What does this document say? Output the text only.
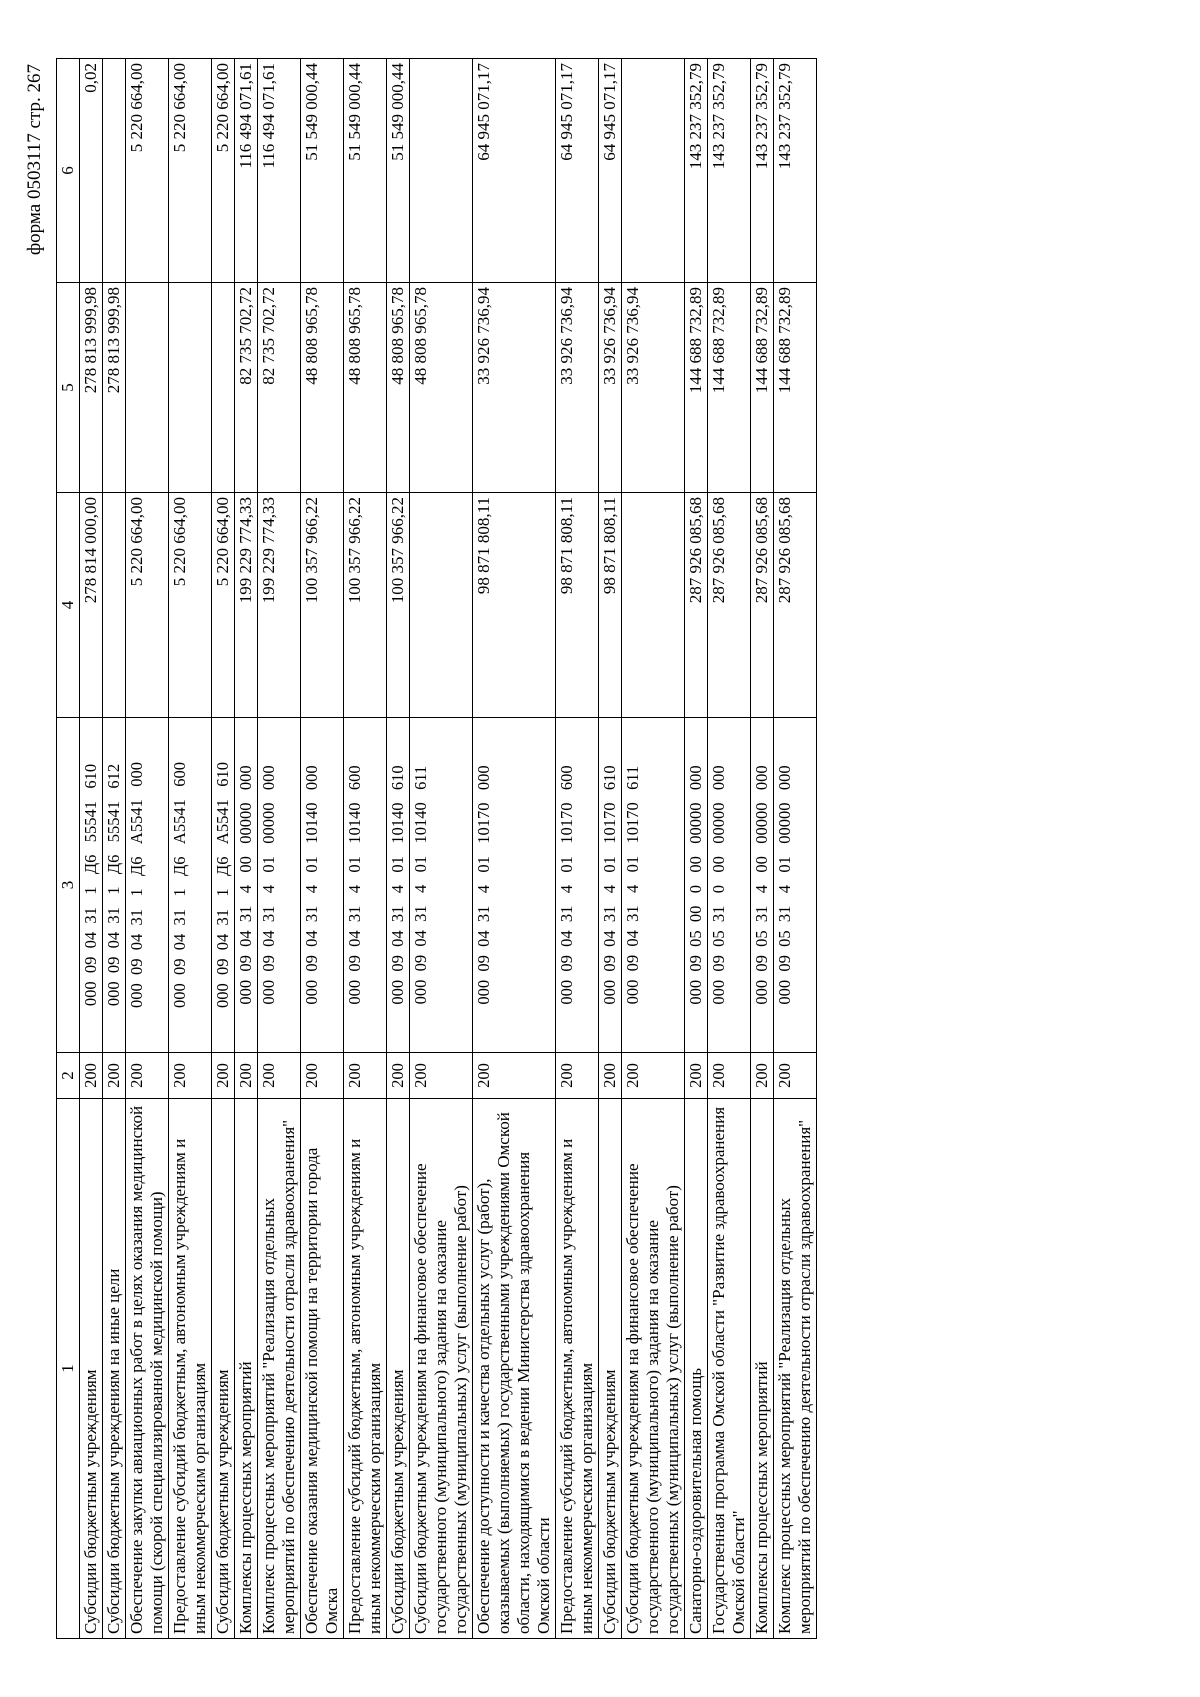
форма 0503117 стр. 267
1	2	3	4	5	6
Субсидии бюджетным учреждениям	200	000  09  04  31   1   Д6   55541   610	278 814 000,00	278 813 999,98	0,02
Субсидии бюджетным учреждениям на иные цели	200	000  09  04  31   1   Д6   55541   612		278 813 999,98	
Обеспечение закупки авиационных работ в целях оказания медицинской помощи (скорой специализированной медицинской помощи)	200	000  09  04  31   1   Д6   А5541   000	5 220 664,00		5 220 664,00
Предоставление субсидий бюджетным, автономным учреждениям и иным некоммерческим организациям	200	000  09  04  31   1   Д6   А5541   600	5 220 664,00		5 220 664,00
Субсидии бюджетным учреждениям	200	000  09  04  31   1   Д6   А5541   610	5 220 664,00		5 220 664,00
Комплексы процессных мероприятий	200	000  09  04  31   4   00   00000   000	199 229 774,33	82 735 702,72	116 494 071,61
Комплекс процессных мероприятий "Реализация отдельных мероприятий по обеспечению деятельности отрасли здравоохранения"	200	000  09  04  31   4   01   00000   000	199 229 774,33	82 735 702,72	116 494 071,61
Обеспечение оказания медицинской помощи на территории города Омска	200	000  09  04  31   4   01   10140   000	100 357 966,22	48 808 965,78	51 549 000,44
Предоставление субсидий бюджетным, автономным учреждениям и иным некоммерческим организациям	200	000  09  04  31   4   01   10140   600	100 357 966,22	48 808 965,78	51 549 000,44
Субсидии бюджетным учреждениям	200	000  09  04  31   4   01   10140   610	100 357 966,22	48 808 965,78	51 549 000,44
Субсидии бюджетным учреждениям на финансовое обеспечение государственного (муниципального) задания на оказание государственных (муниципальных) услуг (выполнение работ)	200	000  09  04  31   4   01   10140   611		48 808 965,78	
Обеспечение доступности и качества отдельных услуг (работ), оказываемых (выполняемых) государственными учреждениями Омской области, находящимися в ведении Министерства здравоохранения Омской области	200	000  09  04  31   4   01   10170   000	98 871 808,11	33 926 736,94	64 945 071,17
Предоставление субсидий бюджетным, автономным учреждениям и иным некоммерческим организациям	200	000  09  04  31   4   01   10170   600	98 871 808,11	33 926 736,94	64 945 071,17
Субсидии бюджетным учреждениям	200	000  09  04  31   4   01   10170   610	98 871 808,11	33 926 736,94	64 945 071,17
Субсидии бюджетным учреждениям на финансовое обеспечение государственного (муниципального) задания на оказание государственных (муниципальных) услуг (выполнение работ)	200	000  09  04  31   4   01   10170   611		33 926 736,94	
Санаторно-оздоровительная помощь	200	000  09  05  00   0   00   00000   000	287 926 085,68	144 688 732,89	143 237 352,79
Государственная программа Омской области "Развитие здравоохранения Омской области"	200	000  09  05  31   0   00   00000   000	287 926 085,68	144 688 732,89	143 237 352,79
Комплексы процессных мероприятий	200	000  09  05  31   4   00   00000   000	287 926 085,68	144 688 732,89	143 237 352,79
Комплекс процессных мероприятий "Реализация отдельных мероприятий по обеспечению деятельности отрасли здравоохранения"	200	000  09  05  31   4   01   00000   000	287 926 085,68	144 688 732,89	143 237 352,79
